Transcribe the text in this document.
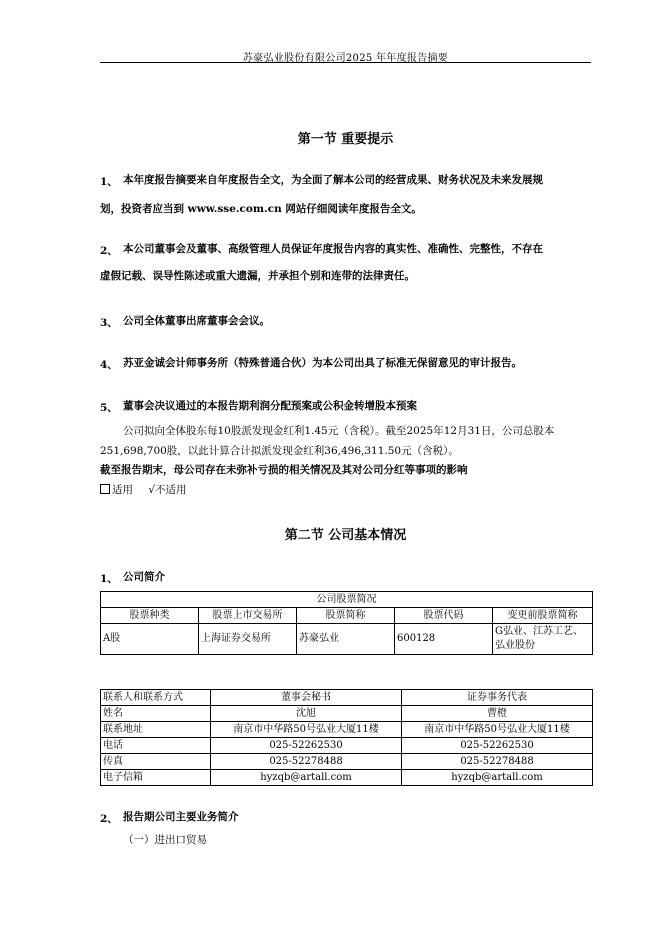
苏豪弘业股份有限公司2025 年年度报告摘要
第一节 重要提示
1、 本年度报告摘要来自年度报告全文，为全面了解本公司的经营成果、财务状况及未来发展规
划，投资者应当到 www.sse.com.cn 网站仔细阅读年度报告全文。
2、 本公司董事会及董事、高级管理人员保证年度报告内容的真实性、准确性、完整性，不存在
虚假记载、误导性陈述或重大遗漏，并承担个别和连带的法律责任。
3、 公司全体董事出席董事会会议。
4、 苏亚金诚会计师事务所（特殊普通合伙）为本公司出具了标准无保留意见的审计报告。
5、 董事会决议通过的本报告期利润分配预案或公积金转增股本预案
公司拟向全体股东每10股派发现金红利1.45元（含税）。截至2025年12月31日，公司总股本
251,698,700股，以此计算合计拟派发现金红利36,496,311.50元（含税）。
截至报告期末，母公司存在未弥补亏损的相关情况及其对公司分红等事项的影响
适用 √不适用
第二节 公司基本情况
1、 公司简介
公司股票简况				
股票种类	股票上市交易所	股票简称	股票代码	变更前股票简称
A股	上海证券交易所	苏豪弘业	600128	G弘业、江苏工艺、弘业股份
联系人和联系方式	董事会秘书	证券事务代表
姓名	沈旭	曹橙
联系地址	南京市中华路50号弘业大厦11楼	南京市中华路50号弘业大厦11楼
电话	025-52262530	025-52262530
传真	025-52278488	025-52278488
电子信箱	hyzqb@artall.com	hyzqb@artall.com
2、 报告期公司主要业务简介
（一）进出口贸易
